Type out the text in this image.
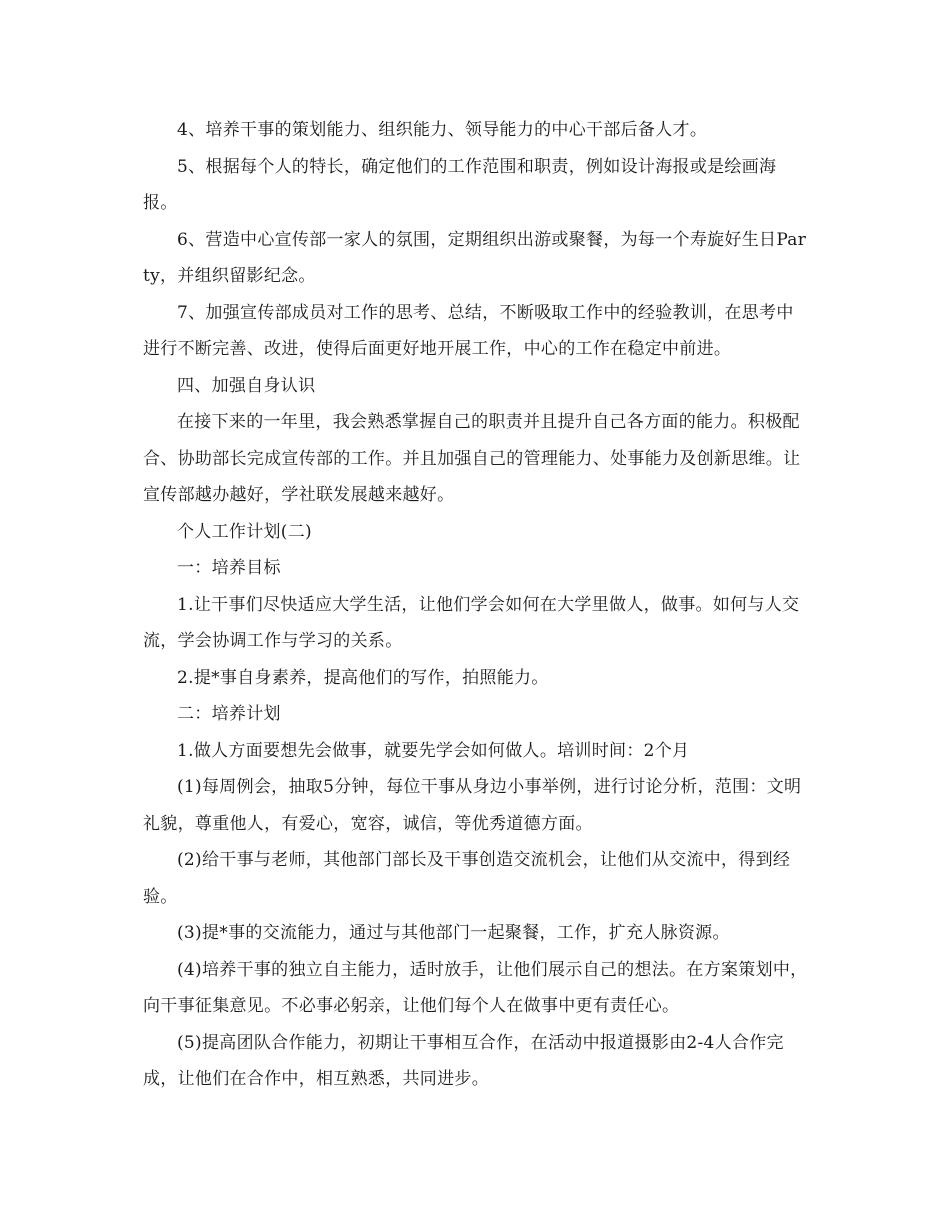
4、培养干事的策划能力、组织能力、领导能力的中心干部后备人才。

5、根据每个人的特长，确定他们的工作范围和职责，例如设计海报或是绘画海报。

6、营造中心宣传部一家人的氛围，定期组织出游或聚餐，为每一个寿旋好生日Party，并组织留影纪念。

7、加强宣传部成员对工作的思考、总结，不断吸取工作中的经验教训，在思考中进行不断完善、改进，使得后面更好地开展工作，中心的工作在稳定中前进。

四、加强自身认识

在接下来的一年里，我会熟悉掌握自己的职责并且提升自己各方面的能力。积极配合、协助部长完成宣传部的工作。并且加强自己的管理能力、处事能力及创新思维。让宣传部越办越好，学社联发展越来越好。

个人工作计划(二)

一：培养目标

1.让干事们尽快适应大学生活，让他们学会如何在大学里做人，做事。如何与人交流，学会协调工作与学习的关系。

2.提*事自身素养，提高他们的写作，拍照能力。

二：培养计划

1.做人方面要想先会做事，就要先学会如何做人。培训时间：2个月

(1)每周例会，抽取5分钟，每位干事从身边小事举例，进行讨论分析，范围：文明礼貌，尊重他人，有爱心，宽容，诚信，等优秀道德方面。

(2)给干事与老师，其他部门部长及干事创造交流机会，让他们从交流中，得到经验。

(3)提*事的交流能力，通过与其他部门一起聚餐，工作，扩充人脉资源。

(4)培养干事的独立自主能力，适时放手，让他们展示自己的想法。在方案策划中，向干事征集意见。不必事必躬亲，让他们每个人在做事中更有责任心。

(5)提高团队合作能力，初期让干事相互合作，在活动中报道摄影由2-4人合作完成，让他们在合作中，相互熟悉，共同进步。
